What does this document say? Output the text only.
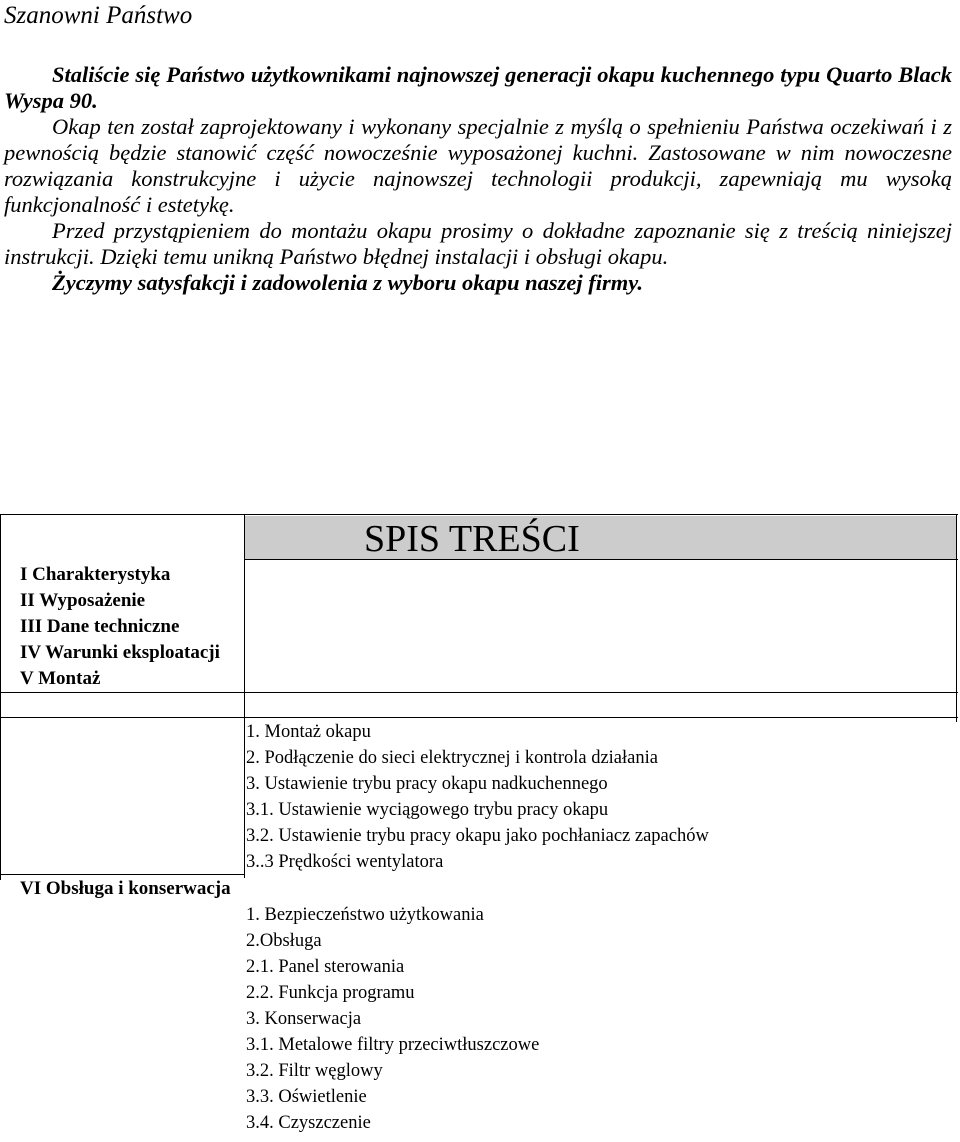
Szanowni Państwo

Staliście się Państwo użytkownikami najnowszej generacji okapu kuchennego typu Quarto Black Wyspa 90.

Okap ten został zaprojektowany i wykonany specjalnie z myślą o spełnieniu Państwa oczekiwań i z pewnością będzie stanowić część nowocześnie wyposażonej kuchni. Zastosowane w nim nowoczesne rozwiązania konstrukcyjne i użycie najnowszej technologii produkcji, zapewniają mu wysoką funkcjonalność i estetykę.

Przed przystąpieniem do montażu okapu prosimy o dokładne zapoznanie się z treścią niniejszej instrukcji. Dzięki temu unikną Państwo błędnej instalacji i obsługi okapu.

Życzymy satysfakcji i zadowolenia z wyboru okapu naszej firmy.

SPIS TREŚCI
I Charakterystyka
II Wyposażenie
III Dane techniczne
IV Warunki eksploatacji
V Montaż
1. Montaż okapu
2. Podłączenie do sieci elektrycznej i kontrola działania
3. Ustawienie trybu pracy okapu nadkuchennego
3.1. Ustawienie wyciągowego trybu pracy okapu
3.2. Ustawienie trybu pracy okapu jako pochłaniacz zapachów
3..3 Prędkości wentylatora
VI Obsługa i konserwacja
1. Bezpieczeństwo użytkowania
2.Obsługa
2.1. Panel sterowania
2.2. Funkcja programu
3. Konserwacja
3.1. Metalowe filtry przeciwtłuszczowe
3.2. Filtr węglowy
3.3. Oświetlenie
3.4. Czyszczenie
